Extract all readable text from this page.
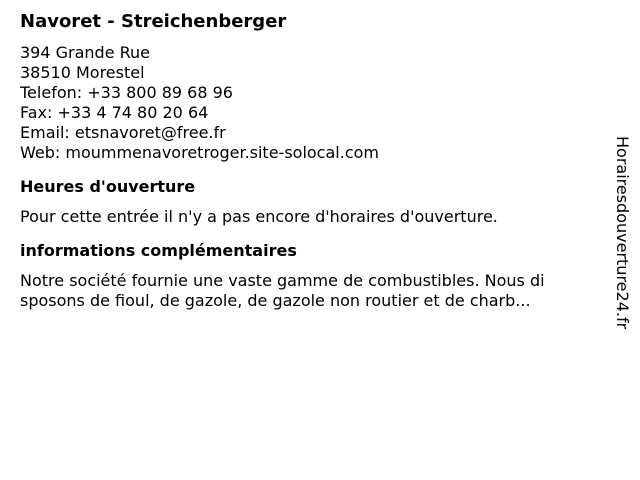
Navoret - Streichenberger
394 Grande Rue
38510 Morestel
Telefon: +33 800 89 68 96
Fax: +33 4 74 80 20 64
Email: etsnavoret@free.fr
Web: moummenavoretroger.site-solocal.com
Heures d'ouverture
Pour cette entrée il n'y a pas encore d'horaires d'ouverture.
informations complémentaires
Notre société fournie une vaste gamme de combustibles. Nous di
sposons de fioul, de gazole, de gazole non routier et de charb...	Horairesdouverture24.fr
